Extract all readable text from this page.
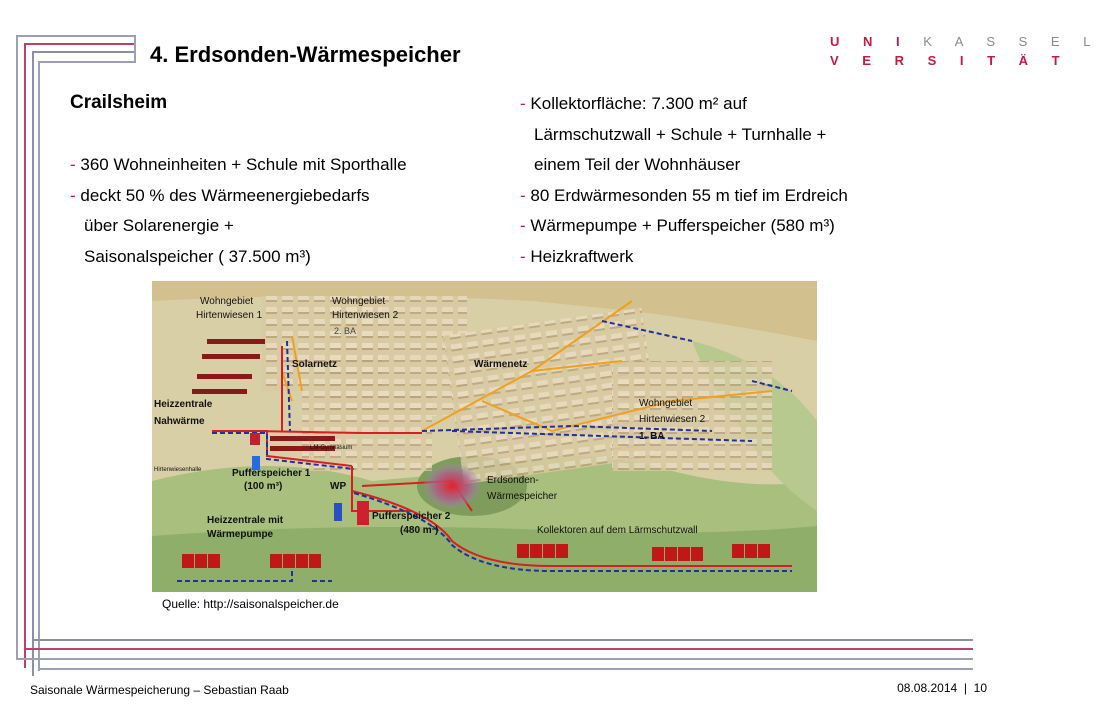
4. Erdsonden-Wärmespeicher
U N I K A S S E L
V E R S I T Ä T
Crailsheim
- 360 Wohneinheiten + Schule mit Sporthalle
- deckt 50 % des Wärmeenergiebedarfs
über Solarenergie +
Saisonalspeicher ( 37.500 m³)
- Kollektorfläche: 7.300 m² auf
Lärmschutzwall + Schule + Turnhalle +
einem Teil der Wohnhäuser
- 80 Erdwärmesonden 55 m tief im Erdreich
- Wärmepumpe + Pufferspeicher (580 m³)
- Heizkraftwerk
Wohngebiet
Hirtenwiesen 1
Wohngebiet
Hirtenwiesen 2
2. BA
Solarnetz	Wärmenetz
Wohngebiet
Hirtenwiesen 2
1. BA
Heizzentrale
Nahwärme
LM-Gymnasium
Hirtenwiesenhalle	Pufferspeicher 1
(100 m³)	WP
Pufferspeicher 2
(480 m³)
Erdsonden-
Wärmespeicher
Heizzentrale mit
Wärmepumpe	Kollektoren auf dem Lärmschutzwall
Quelle: http://saisonalspeicher.de
Saisonale Wärmespeicherung – Sebastian Raab	08.08.2014 | 10
